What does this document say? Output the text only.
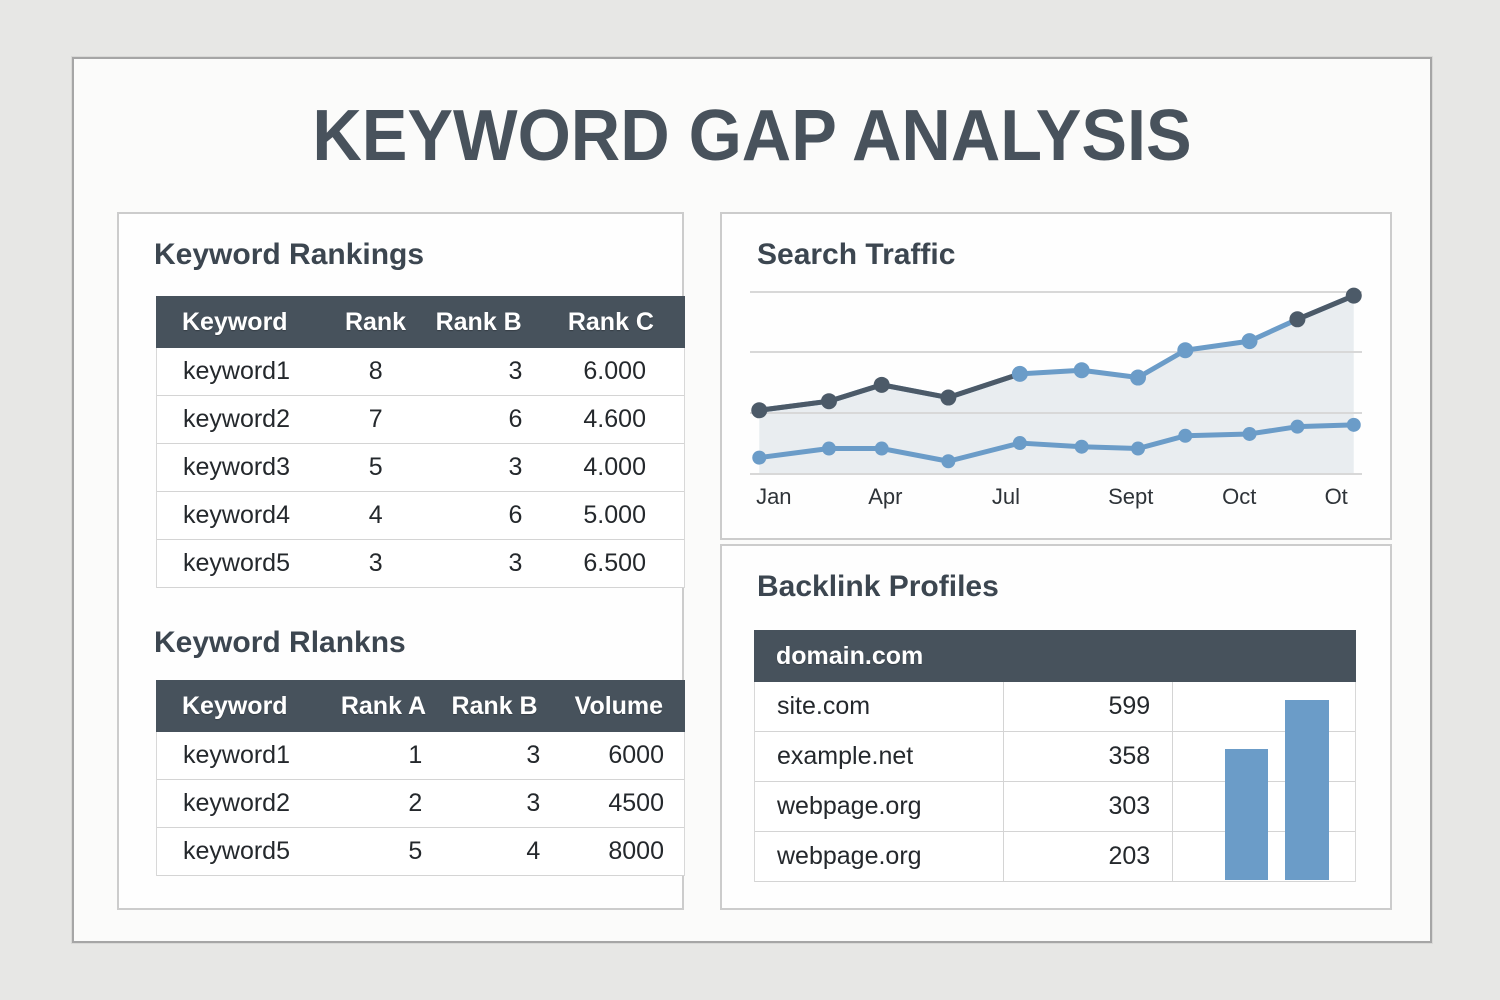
KEYWORD GAP ANALYSIS
Keyword Rankings
Keyword	Rank	Rank B	Rank C
keyword1	8	3	6.000
keyword2	7	6	4.600
keyword3	5	3	4.000
keyword4	4	6	5.000
keyword5	3	3	6.500
Keyword Rlankns
Keyword	Rank A	Rank B	Volume
keyword1	1	3	6000
keyword2	2	3	4500
keyword5	5	4	8000
Search Traffic
Jan	Apr	Jul	Sept	Oct	Ot
Backlink Profiles
domain.com
site.com	599
example.net	358
webpage.org	303
webpage.org	203
